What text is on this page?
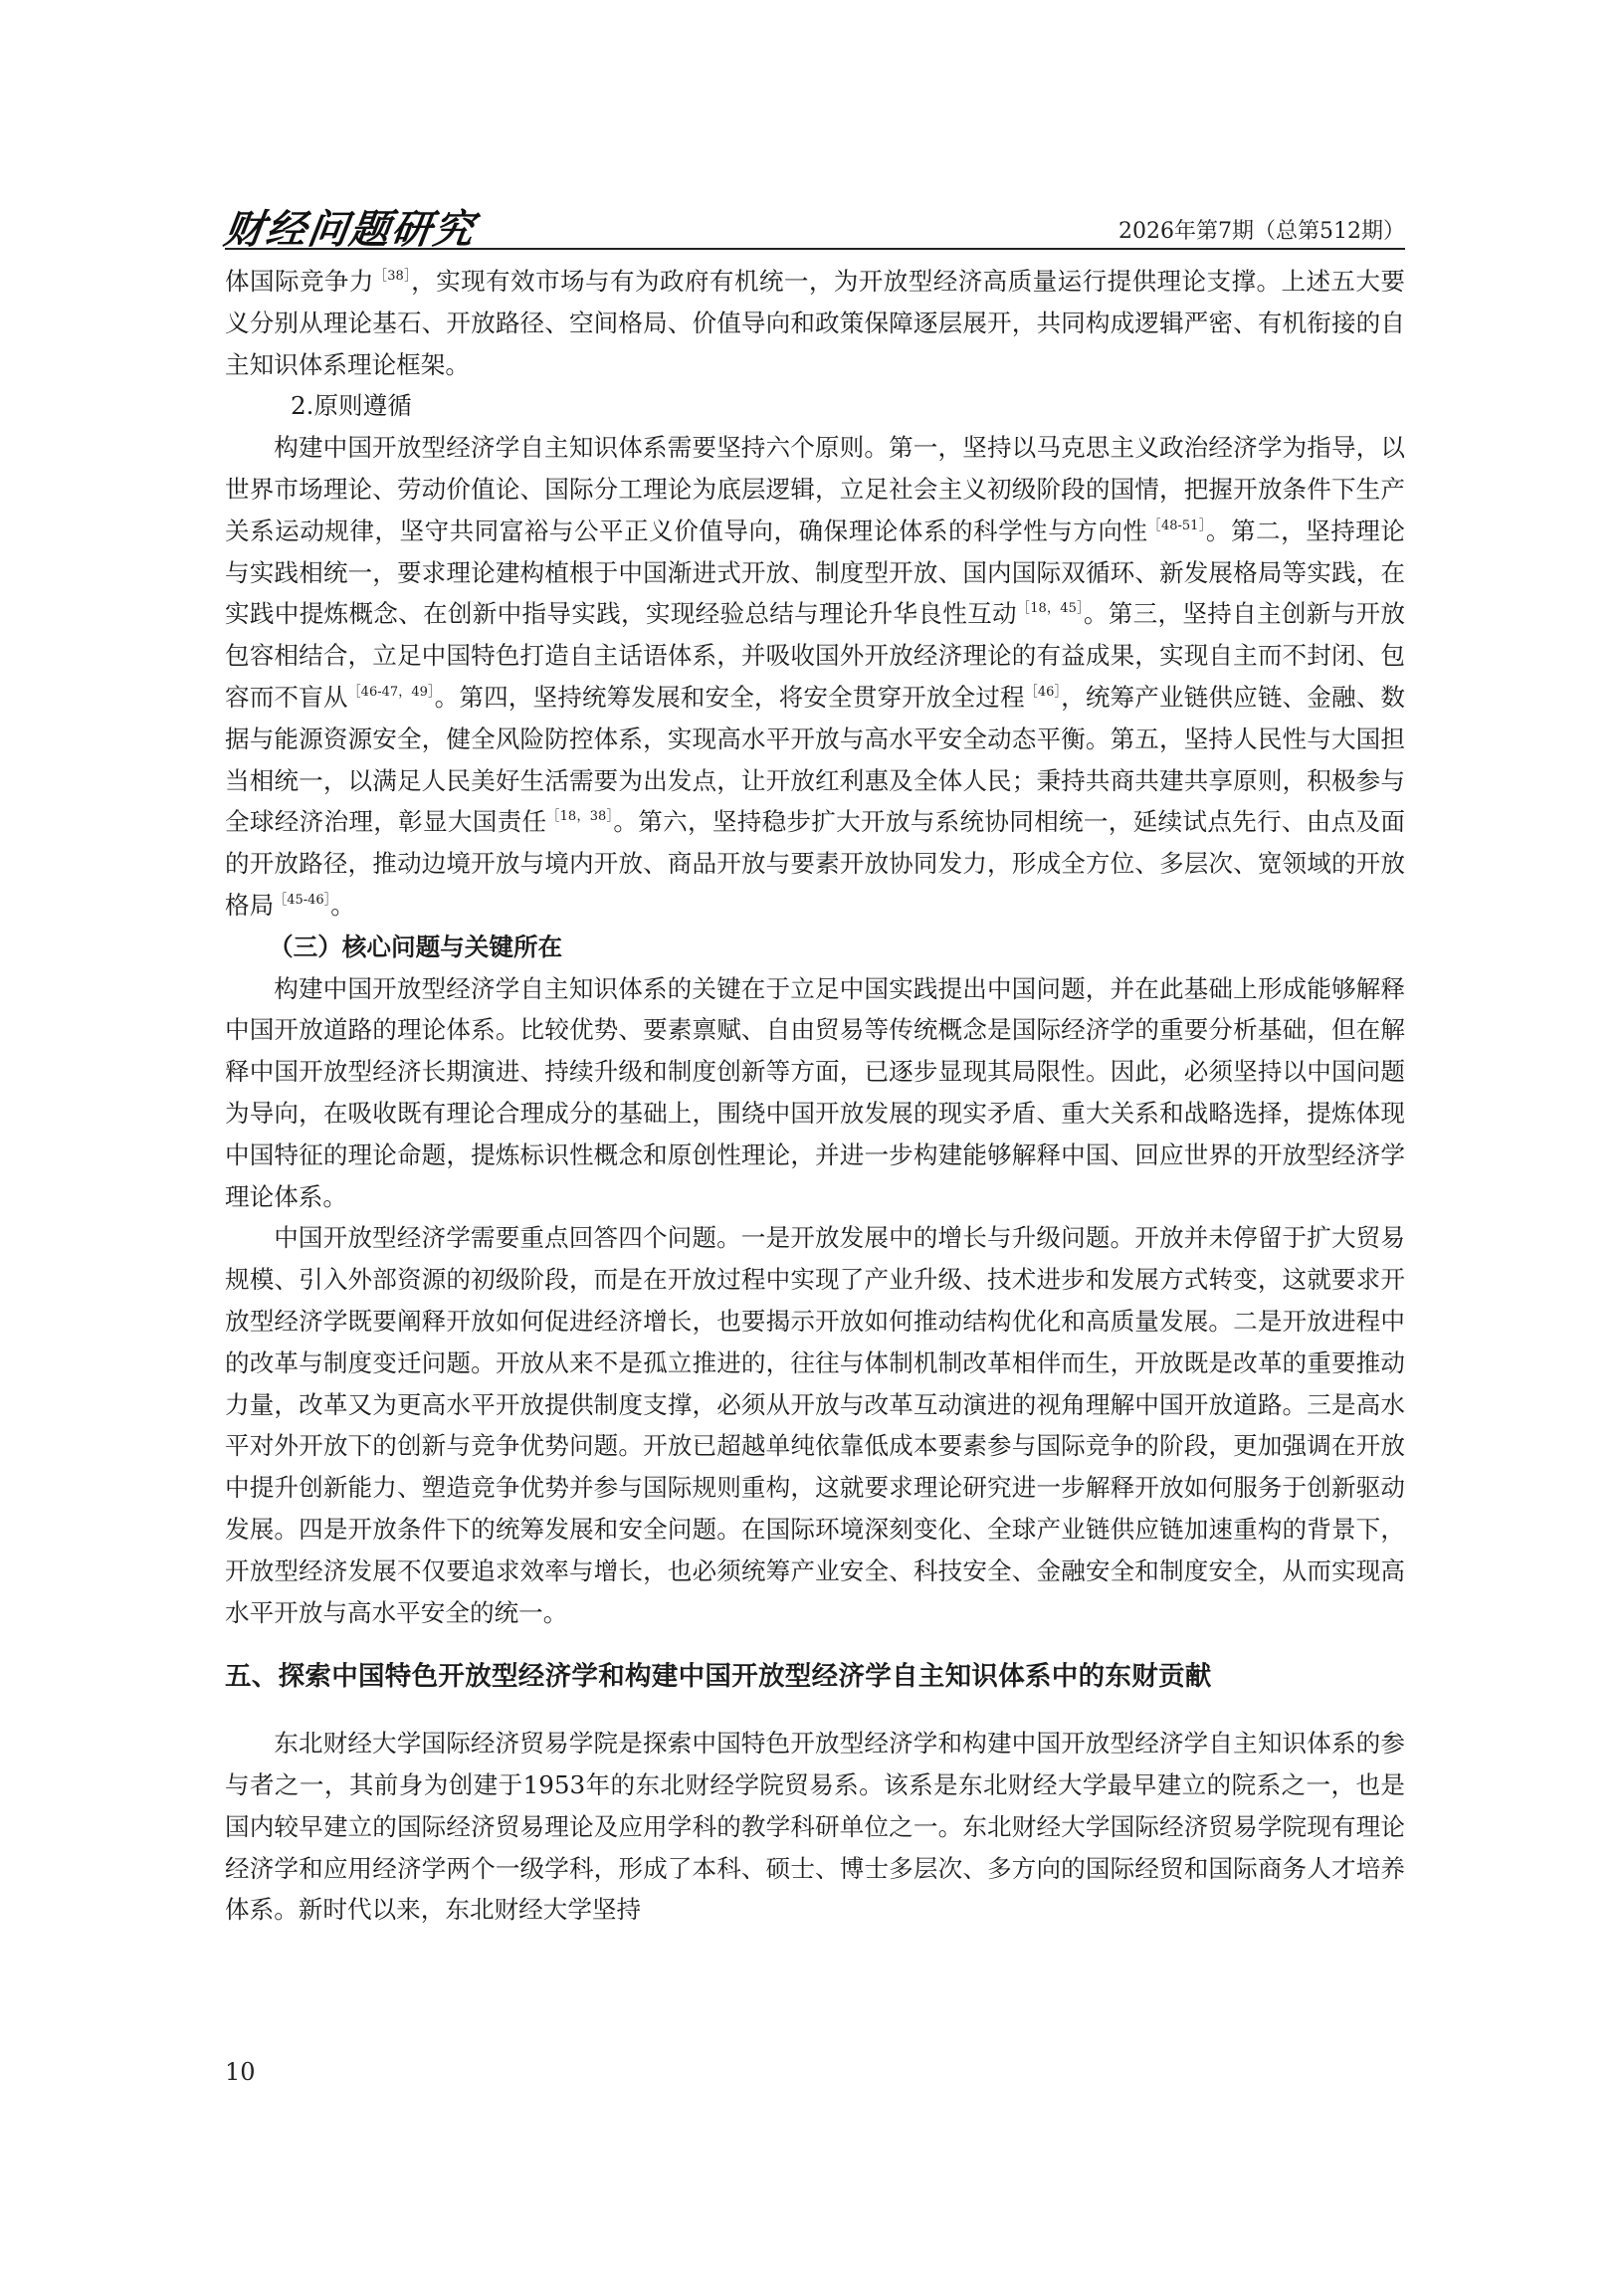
财经问题研究	2026年第7期（总第512期）

体国际竞争力$^{[38]}$，实现有效市场与有为政府有机统一，为开放型经济高质量运行提供理论支撑。上述五大要义分别从理论基石、开放路径、空间格局、价值导向和政策保障逐层展开，共同构成逻辑严密、有机衔接的自主知识体系理论框架。

2.原则遵循

构建中国开放型经济学自主知识体系需要坚持六个原则。第一，坚持以马克思主义政治经济学为指导，以世界市场理论、劳动价值论、国际分工理论为底层逻辑，立足社会主义初级阶段的国情，把握开放条件下生产关系运动规律，坚守共同富裕与公平正义价值导向，确保理论体系的科学性与方向性$^{[48-51]}$。第二，坚持理论与实践相统一，要求理论建构植根于中国渐进式开放、制度型开放、国内国际双循环、新发展格局等实践，在实践中提炼概念、在创新中指导实践，实现经验总结与理论升华良性互动$^{[18,45]}$。第三，坚持自主创新与开放包容相结合，立足中国特色打造自主话语体系，并吸收国外开放经济理论的有益成果，实现自主而不封闭、包容而不盲从$^{[46-47,49]}$。第四，坚持统筹发展和安全，将安全贯穿开放全过程$^{[46]}$，统筹产业链供应链、金融、数据与能源资源安全，健全风险防控体系，实现高水平开放与高水平安全动态平衡。第五，坚持人民性与大国担当相统一，以满足人民美好生活需要为出发点，让开放红利惠及全体人民；秉持共商共建共享原则，积极参与全球经济治理，彰显大国责任$^{[18,38]}$。第六，坚持稳步扩大开放与系统协同相统一，延续试点先行、由点及面的开放路径，推动边境开放与境内开放、商品开放与要素开放协同发力，形成全方位、多层次、宽领域的开放格局$^{[45-46]}$。

（三）核心问题与关键所在

构建中国开放型经济学自主知识体系的关键在于立足中国实践提出中国问题，并在此基础上形成能够解释中国开放道路的理论体系。比较优势、要素禀赋、自由贸易等传统概念是国际经济学的重要分析基础，但在解释中国开放型经济长期演进、持续升级和制度创新等方面，已逐步显现其局限性。因此，必须坚持以中国问题为导向，在吸收既有理论合理成分的基础上，围绕中国开放发展的现实矛盾、重大关系和战略选择，提炼体现中国特征的理论命题，提炼标识性概念和原创性理论，并进一步构建能够解释中国、回应世界的开放型经济学理论体系。

中国开放型经济学需要重点回答四个问题。一是开放发展中的增长与升级问题。开放并未停留于扩大贸易规模、引入外部资源的初级阶段，而是在开放过程中实现了产业升级、技术进步和发展方式转变，这就要求开放型经济学既要阐释开放如何促进经济增长，也要揭示开放如何推动结构优化和高质量发展。二是开放进程中的改革与制度变迁问题。开放从来不是孤立推进的，往往与体制机制改革相伴而生，开放既是改革的重要推动力量，改革又为更高水平开放提供制度支撑，必须从开放与改革互动演进的视角理解中国开放道路。三是高水平对外开放下的创新与竞争优势问题。开放已超越单纯依靠低成本要素参与国际竞争的阶段，更加强调在开放中提升创新能力、塑造竞争优势并参与国际规则重构，这就要求理论研究进一步解释开放如何服务于创新驱动发展。四是开放条件下的统筹发展和安全问题。在国际环境深刻变化、全球产业链供应链加速重构的背景下，开放型经济发展不仅要追求效率与增长，也必须统筹产业安全、科技安全、金融安全和制度安全，从而实现高水平开放与高水平安全的统一。

五、探索中国特色开放型经济学和构建中国开放型经济学自主知识体系中的东财贡献

东北财经大学国际经济贸易学院是探索中国特色开放型经济学和构建中国开放型经济学自主知识体系的参与者之一，其前身为创建于1953年的东北财经学院贸易系。该系是东北财经大学最早建立的院系之一，也是国内较早建立的国际经济贸易理论及应用学科的教学科研单位之一。东北财经大学国际经济贸易学院现有理论经济学和应用经济学两个一级学科，形成了本科、硕士、博士多层次、多方向的国际经贸和国际商务人才培养体系。新时代以来，东北财经大学坚持

10
